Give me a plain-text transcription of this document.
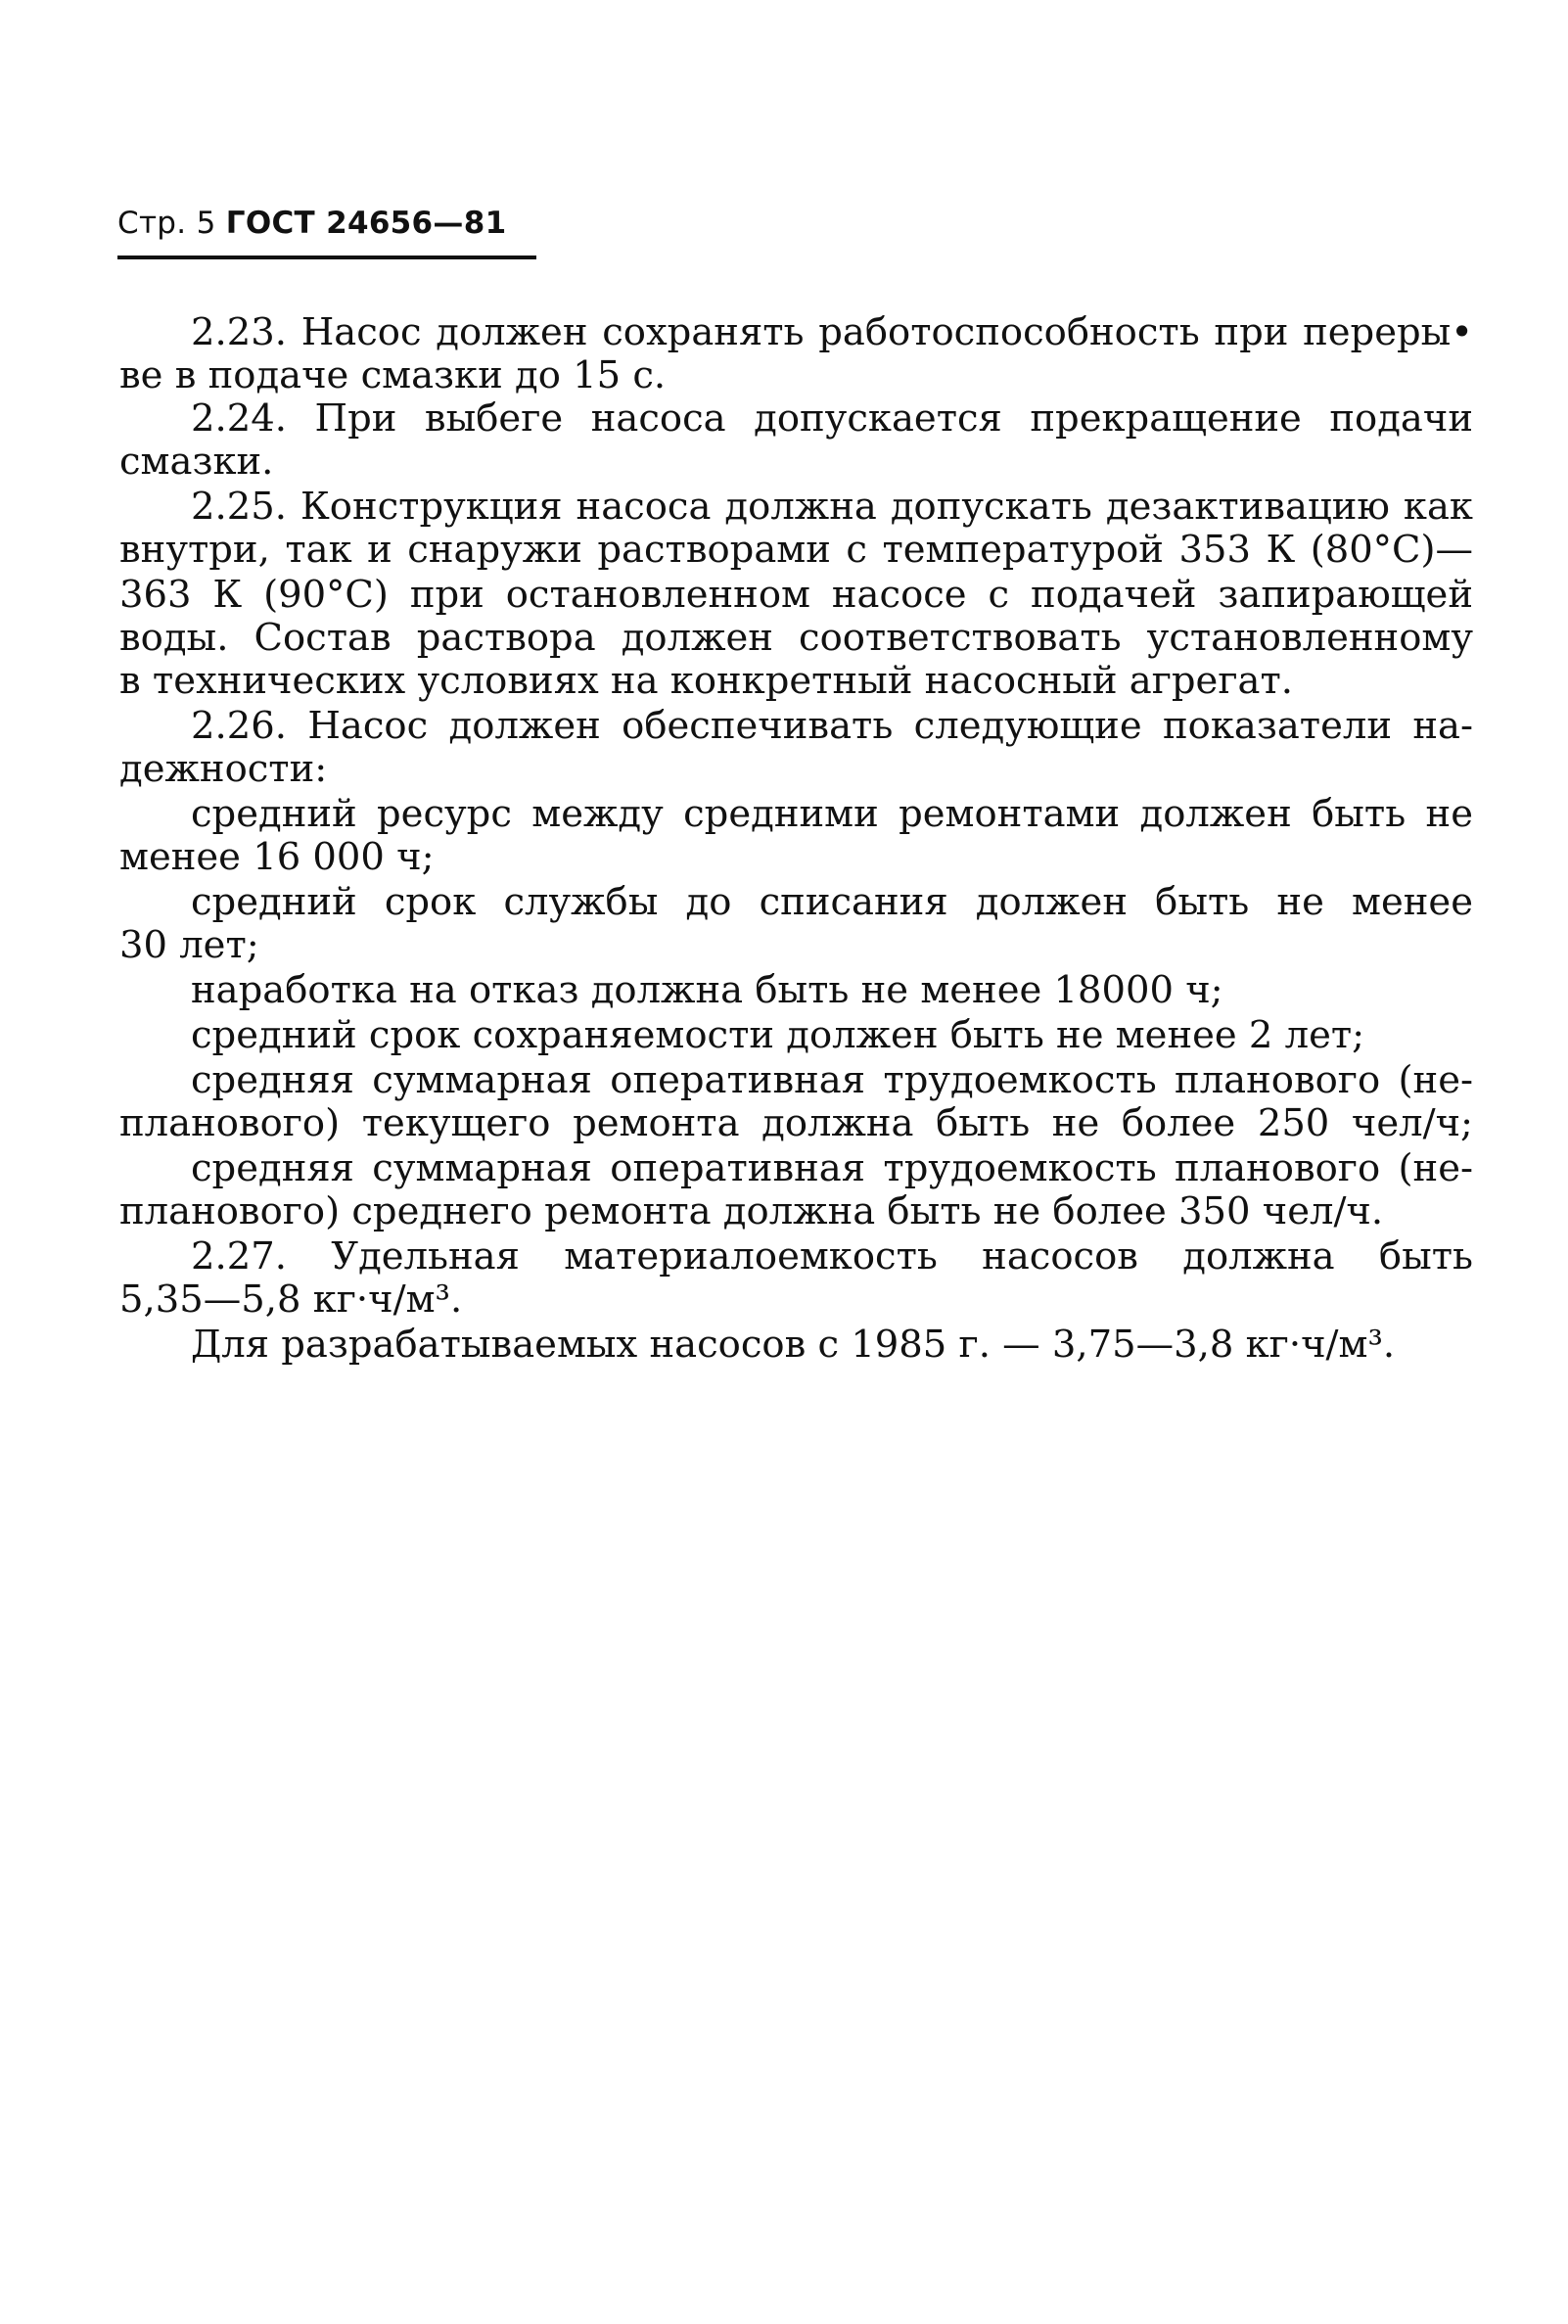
Стр. 5 ГОСТ 24656—81
2.23. Насос должен сохранять работоспособность при переры•
ве в подаче смазки до 15 с.
2.24. При выбеге насоса допускается прекращение подачи
смазки.
2.25. Конструкция насоса должна допускать дезактивацию как
внутри, так и снаружи растворами с температурой 353 К (80°С)—
363 К (90°С) при остановленном насосе с подачей запирающей
воды. Состав раствора должен соответствовать установленному
в технических условиях на конкретный насосный агрегат.
2.26. Насос должен обеспечивать следующие показатели на-
дежности:
средний ресурс между средними ремонтами должен быть не
менее 16 000 ч;
средний срок службы до списания должен быть не менее
30 лет;
наработка на отказ должна быть не менее 18000 ч;
средний срок сохраняемости должен быть не менее 2 лет;
средняя суммарная оперативная трудоемкость планового (не-
планового) текущего ремонта должна быть не более 250 чел/ч;
средняя суммарная оперативная трудоемкость планового (не-
планового) среднего ремонта должна быть не более 350 чел/ч.
2.27. Удельная материалоемкость насосов должна быть
5,35—5,8 кг·ч/м³.
Для разрабатываемых насосов с 1985 г. — 3,75—3,8 кг·ч/м³.
